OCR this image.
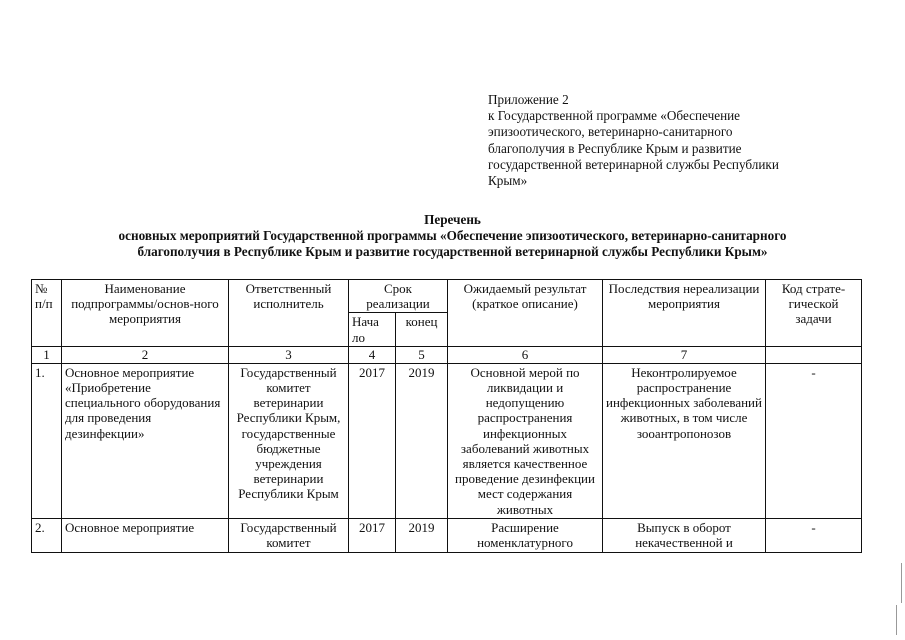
Приложение 2
к Государственной программе «Обеспечение
эпизоотического, ветеринарно-санитарного
благополучия в Республике Крым и развитие
государственной ветеринарной службы Республики
Крым»
Перечень
основных мероприятий Государственной программы «Обеспечение эпизоотического, ветеринарно-санитарного
благополучия в Республике Крым и развитие государственной ветеринарной службы Республики Крым»
№ п/п	Наименование подпрограммы/основ-ного мероприятия	Ответственный исполнитель	Срок реализации		Ожидаемый результат (краткое описание)	Последствия нереализации мероприятия	Код страте-гической задачи
			Нача ло	конец			
1	2	3	4	5	6	7	
1.	Основное мероприятие «Приобретение специального оборудования для проведения дезинфекции»	Государственный комитет ветеринарии Республики Крым, государственные бюджетные учреждения ветеринарии Республики Крым	2017	2019	Основной мерой по ликвидации и недопущению распространения инфекционных заболеваний животных является качественное проведение дезинфекции мест содержания животных	Неконтролируемое распространение инфекционных заболеваний животных, в том числе зооантропонозов	-
2.	Основное мероприятие	Государственный комитет	2017	2019	Расширение номенклатурного	Выпуск в оборот некачественной и	-
